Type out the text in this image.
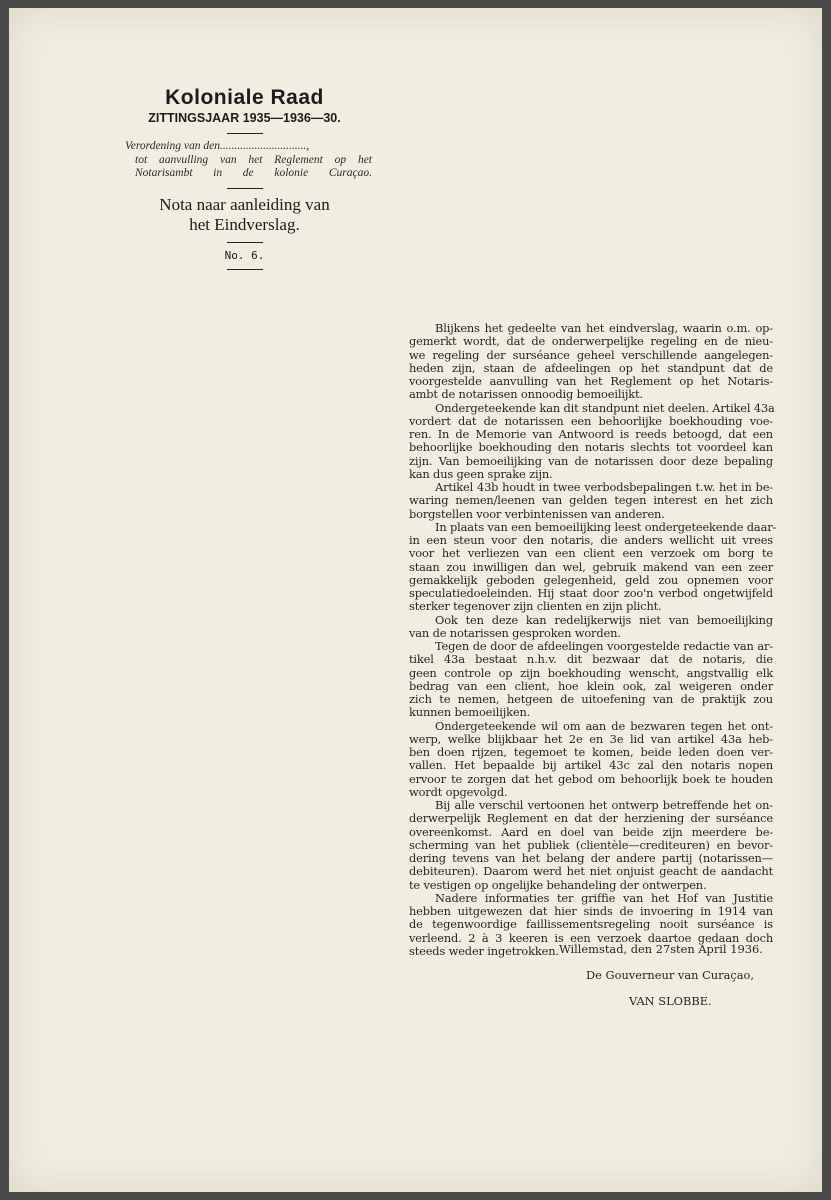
Koloniale Raad
ZITTINGSJAAR 1935—1936—30.
Verordening van den..............................,
tot aanvulling van het Reglement op het
Notarisambt in de kolonie Curaçao.
Nota naar aanleiding van
het Eindverslag.
No. 6.
Blijkens het gedeelte van het eindverslag, waarin o.m. op-
gemerkt wordt, dat de onderwerpelijke regeling en de nieu-
we regeling der surséance geheel verschillende aangelegen-
heden zijn, staan de afdeelingen op het standpunt dat de
voorgestelde aanvulling van het Reglement op het Notaris-
ambt de notarissen onnoodig bemoeilijkt.
Ondergeteekende kan dit standpunt niet deelen. Artikel 43a
vordert dat de notarissen een behoorlijke boekhouding voe-
ren. In de Memorie van Antwoord is reeds betoogd, dat een
behoorlijke boekhouding den notaris slechts tot voordeel kan
zijn. Van bemoeilijking van de notarissen door deze bepaling
kan dus geen sprake zijn.
Artikel 43b houdt in twee verbodsbepalingen t.w. het in be-
waring nemen/leenen van gelden tegen interest en het zich
borgstellen voor verbintenissen van anderen.
In plaats van een bemoeilijking leest ondergeteekende daar-
in een steun voor den notaris, die anders wellicht uit vrees
voor het verliezen van een client een verzoek om borg te
staan zou inwilligen dan wel, gebruik makend van een zeer
gemakkelijk geboden gelegenheid, geld zou opnemen voor
speculatiedoeleinden. Hij staat door zoo'n verbod ongetwijfeld
sterker tegenover zijn clienten en zijn plicht.
Ook ten deze kan redelijkerwijs niet van bemoeilijking
van de notarissen gesproken worden.
Tegen de door de afdeelingen voorgestelde redactie van ar-
tikel 43a bestaat n.h.v. dit bezwaar dat de notaris, die
geen controle op zijn boekhouding wenscht, angstvallig elk
bedrag van een client, hoe klein ook, zal weigeren onder
zich te nemen, hetgeen de uitoefening van de praktijk zou
kunnen bemoeilijken.
Ondergeteekende wil om aan de bezwaren tegen het ont-
werp, welke blijkbaar het 2e en 3e lid van artikel 43a heb-
ben doen rijzen, tegemoet te komen, beide leden doen ver-
vallen. Het bepaalde bij artikel 43c zal den notaris nopen
ervoor te zorgen dat het gebod om behoorlijk boek te houden
wordt opgevolgd.
Bij alle verschil vertoonen het ontwerp betreffende het on-
derwerpelijk Reglement en dat der herziening der surséance
overeenkomst. Aard en doel van beide zijn meerdere be-
scherming van het publiek (clientèle—crediteuren) en bevor-
dering tevens van het belang der andere partij (notarissen—
debiteuren). Daarom werd het niet onjuist geacht de aandacht
te vestigen op ongelijke behandeling der ontwerpen.
Nadere informaties ter griffie van het Hof van Justitie
hebben uitgewezen dat hier sinds de invoering in 1914 van
de tegenwoordige faillissementsregeling nooit surséance is
verleend. 2 à 3 keeren is een verzoek daartoe gedaan doch
steeds weder ingetrokken. Willemstad, den 27sten April 1936.
De Gouverneur van Curaçao,
VAN SLOBBE.
